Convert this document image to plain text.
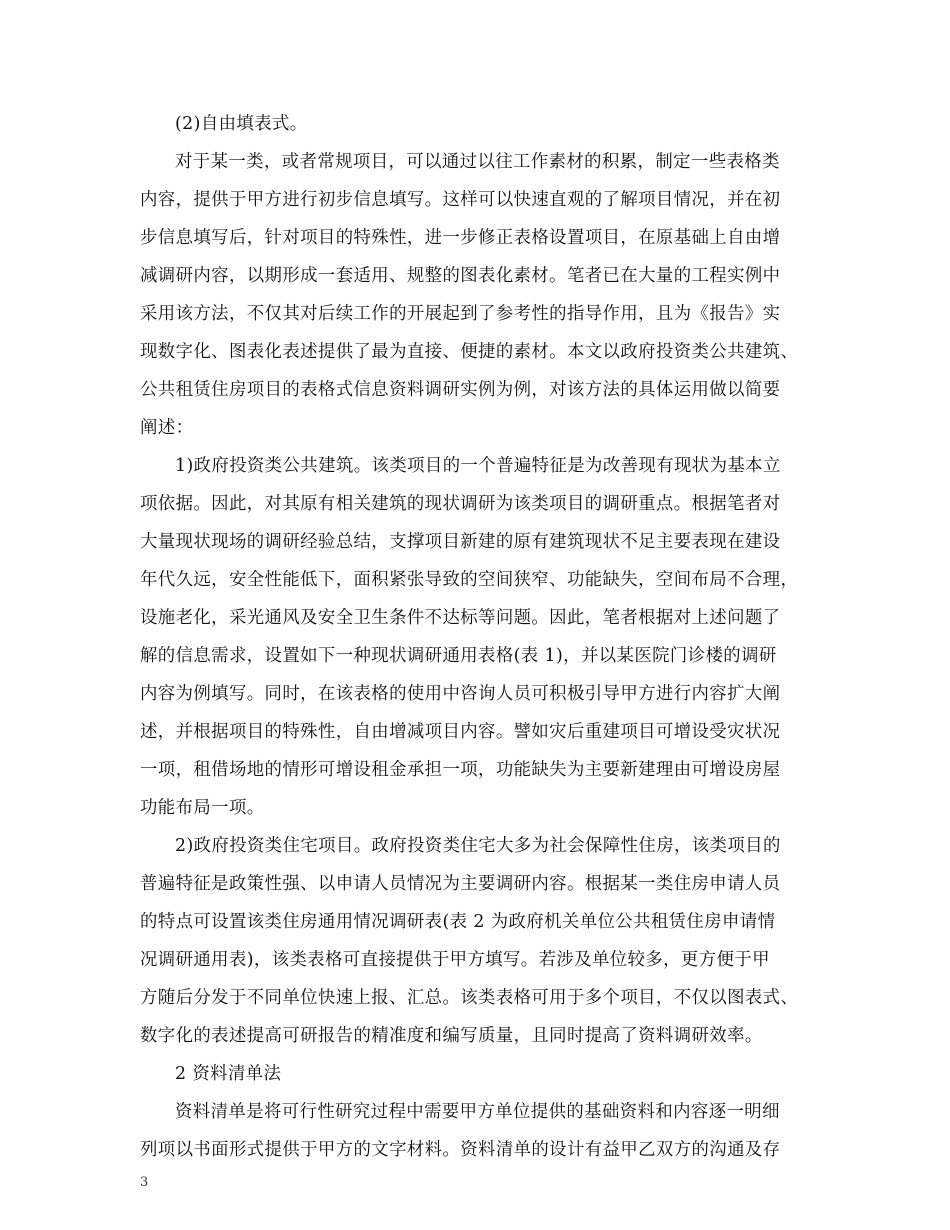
(2)自由填表式。
对于某一类，或者常规项目，可以通过以往工作素材的积累，制定一些表格类
内容，提供于甲方进行初步信息填写。这样可以快速直观的了解项目情况，并在初
步信息填写后，针对项目的特殊性，进一步修正表格设置项目，在原基础上自由增
减调研内容，以期形成一套适用、规整的图表化素材。笔者已在大量的工程实例中
采用该方法，不仅其对后续工作的开展起到了参考性的指导作用，且为《报告》实
现数字化、图表化表述提供了最为直接、便捷的素材。本文以政府投资类公共建筑、
公共租赁住房项目的表格式信息资料调研实例为例，对该方法的具体运用做以简要
阐述：
1)政府投资类公共建筑。该类项目的一个普遍特征是为改善现有现状为基本立
项依据。因此，对其原有相关建筑的现状调研为该类项目的调研重点。根据笔者对
大量现状现场的调研经验总结，支撑项目新建的原有建筑现状不足主要表现在建设
年代久远，安全性能低下，面积紧张导致的空间狭窄、功能缺失，空间布局不合理，
设施老化，采光通风及安全卫生条件不达标等问题。因此，笔者根据对上述问题了
解的信息需求，设置如下一种现状调研通用表格(表 1)，并以某医院门诊楼的调研
内容为例填写。同时，在该表格的使用中咨询人员可积极引导甲方进行内容扩大阐
述，并根据项目的特殊性，自由增减项目内容。譬如灾后重建项目可增设受灾状况
一项，租借场地的情形可增设租金承担一项，功能缺失为主要新建理由可增设房屋
功能布局一项。
2)政府投资类住宅项目。政府投资类住宅大多为社会保障性住房，该类项目的
普遍特征是政策性强、以申请人员情况为主要调研内容。根据某一类住房申请人员
的特点可设置该类住房通用情况调研表(表 2 为政府机关单位公共租赁住房申请情
况调研通用表)，该类表格可直接提供于甲方填写。若涉及单位较多，更方便于甲
方随后分发于不同单位快速上报、汇总。该类表格可用于多个项目，不仅以图表式、
数字化的表述提高可研报告的精准度和编写质量，且同时提高了资料调研效率。
2 资料清单法
资料清单是将可行性研究过程中需要甲方单位提供的基础资料和内容逐一明细
列项以书面形式提供于甲方的文字材料。资料清单的设计有益甲乙双方的沟通及存
3
